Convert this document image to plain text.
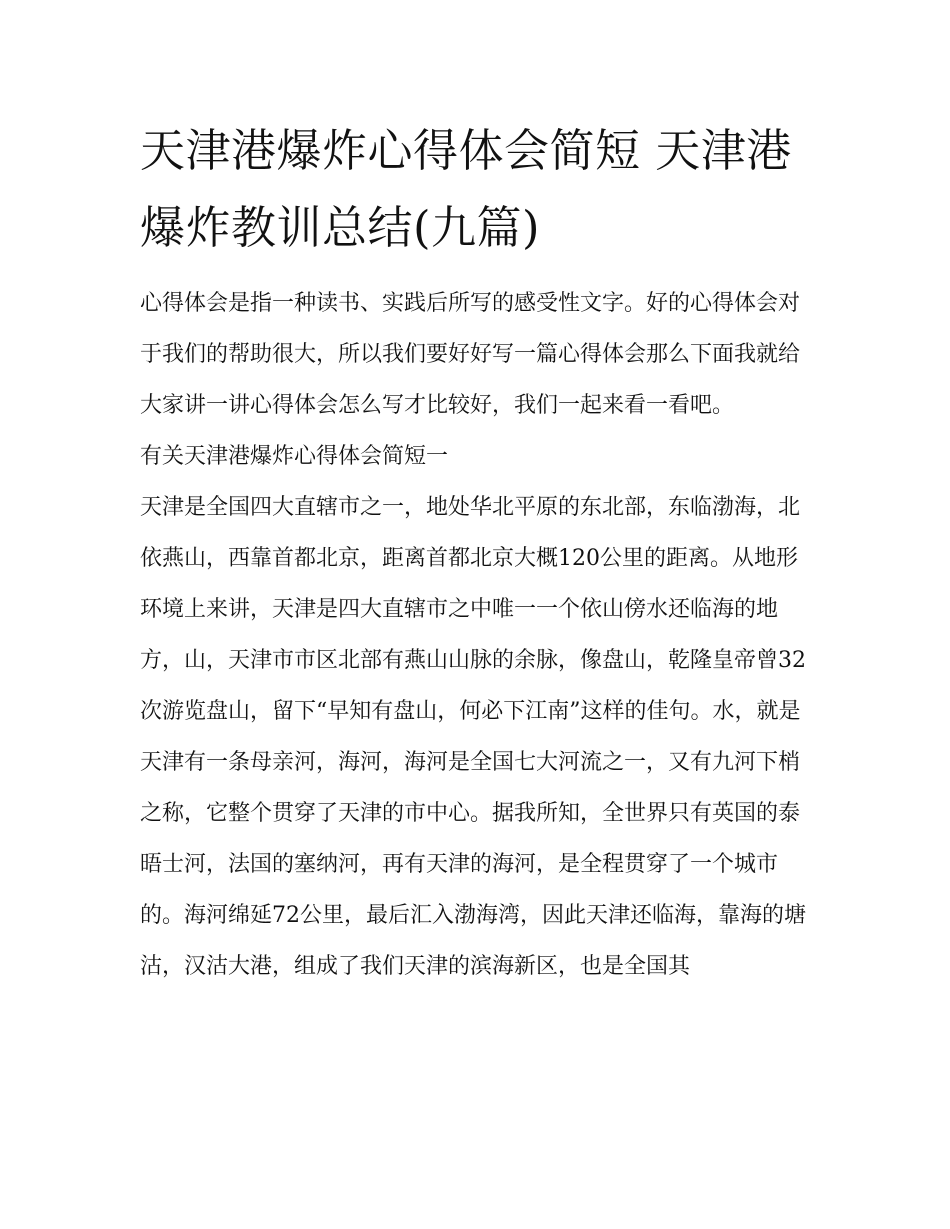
天津港爆炸心得体会简短 天津港爆炸教训总结(九篇)

心得体会是指一种读书、实践后所写的感受性文字。好的心得体会对于我们的帮助很大，所以我们要好好写一篇心得体会那么下面我就给大家讲一讲心得体会怎么写才比较好，我们一起来看一看吧。

有关天津港爆炸心得体会简短一

天津是全国四大直辖市之一，地处华北平原的东北部，东临渤海，北依燕山，西靠首都北京，距离首都北京大概120公里的距离。从地形环境上来讲，天津是四大直辖市之中唯一一个依山傍水还临海的地方，山，天津市市区北部有燕山山脉的余脉，像盘山，乾隆皇帝曾32次游览盘山，留下“早知有盘山，何必下江南”这样的佳句。水，就是天津有一条母亲河，海河，海河是全国七大河流之一，又有九河下梢之称，它整个贯穿了天津的市中心。据我所知，全世界只有英国的泰晤士河，法国的塞纳河，再有天津的海河，是全程贯穿了一个城市的。海河绵延72公里，最后汇入渤海湾，因此天津还临海，靠海的塘沽，汉沽大港，组成了我们天津的滨海新区，也是全国其
